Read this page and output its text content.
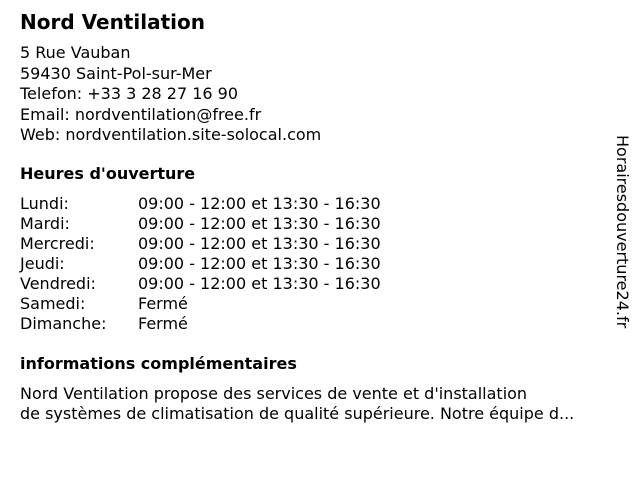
Nord Ventilation
5 Rue Vauban
59430 Saint-Pol-sur-Mer
Telefon: +33 3 28 27 16 90
Email: nordventilation@free.fr
Web: nordventilation.site-solocal.com
Heures d'ouverture
Lundi:	09:00 - 12:00 et 13:30 - 16:30
Mardi:	09:00 - 12:00 et 13:30 - 16:30
Mercredi:	09:00 - 12:00 et 13:30 - 16:30
Jeudi:	09:00 - 12:00 et 13:30 - 16:30
Vendredi:	09:00 - 12:00 et 13:30 - 16:30
Samedi:	Fermé
Dimanche:	Fermé
informations complémentaires
Nord Ventilation propose des services de vente et d'installation
de systèmes de climatisation de qualité supérieure. Notre équipe d...
Horairesdouverture24.fr
